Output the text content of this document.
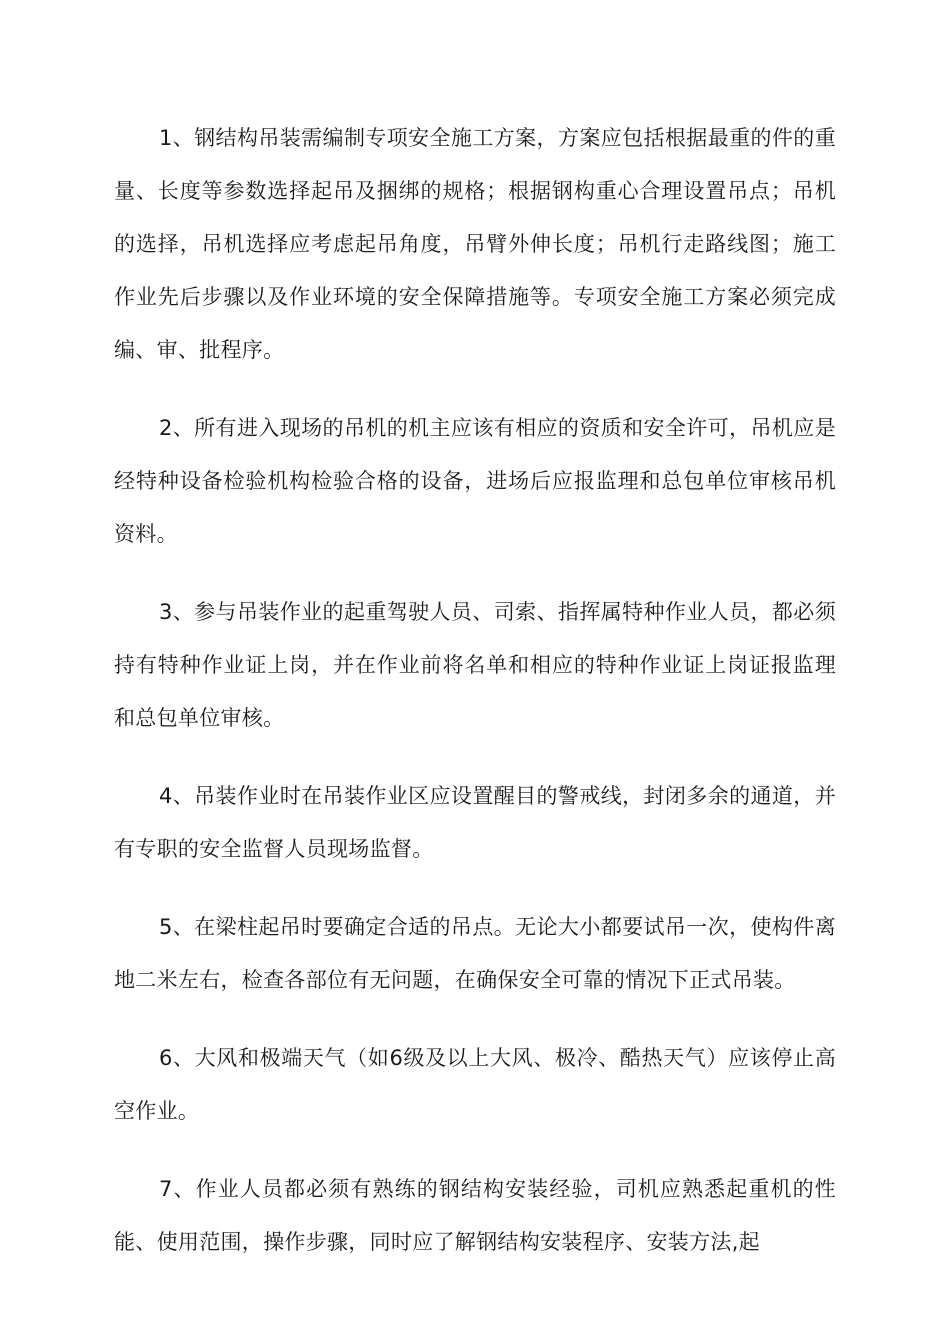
1、钢结构吊装需编制专项安全施工方案，方案应包括根据最重的件的重量、长度等参数选择起吊及捆绑的规格；根据钢构重心合理设置吊点；吊机的选择，吊机选择应考虑起吊角度，吊臂外伸长度；吊机行走路线图；施工作业先后步骤以及作业环境的安全保障措施等。专项安全施工方案必须完成编、审、批程序。

2、所有进入现场的吊机的机主应该有相应的资质和安全许可，吊机应是经特种设备检验机构检验合格的设备，进场后应报监理和总包单位审核吊机资料。

3、参与吊装作业的起重驾驶人员、司索、指挥属特种作业人员，都必须持有特种作业证上岗，并在作业前将名单和相应的特种作业证上岗证报监理和总包单位审核。

4、吊装作业时在吊装作业区应设置醒目的警戒线，封闭多余的通道，并有专职的安全监督人员现场监督。

5、在梁柱起吊时要确定合适的吊点。无论大小都要试吊一次，使构件离地二米左右，检查各部位有无问题，在确保安全可靠的情况下正式吊装。

6、大风和极端天气（如6级及以上大风、极冷、酷热天气）应该停止高空作业。

7、作业人员都必须有熟练的钢结构安装经验，司机应熟悉起重机的性能、使用范围，操作步骤，同时应了解钢结构安装程序、安装方法,起
